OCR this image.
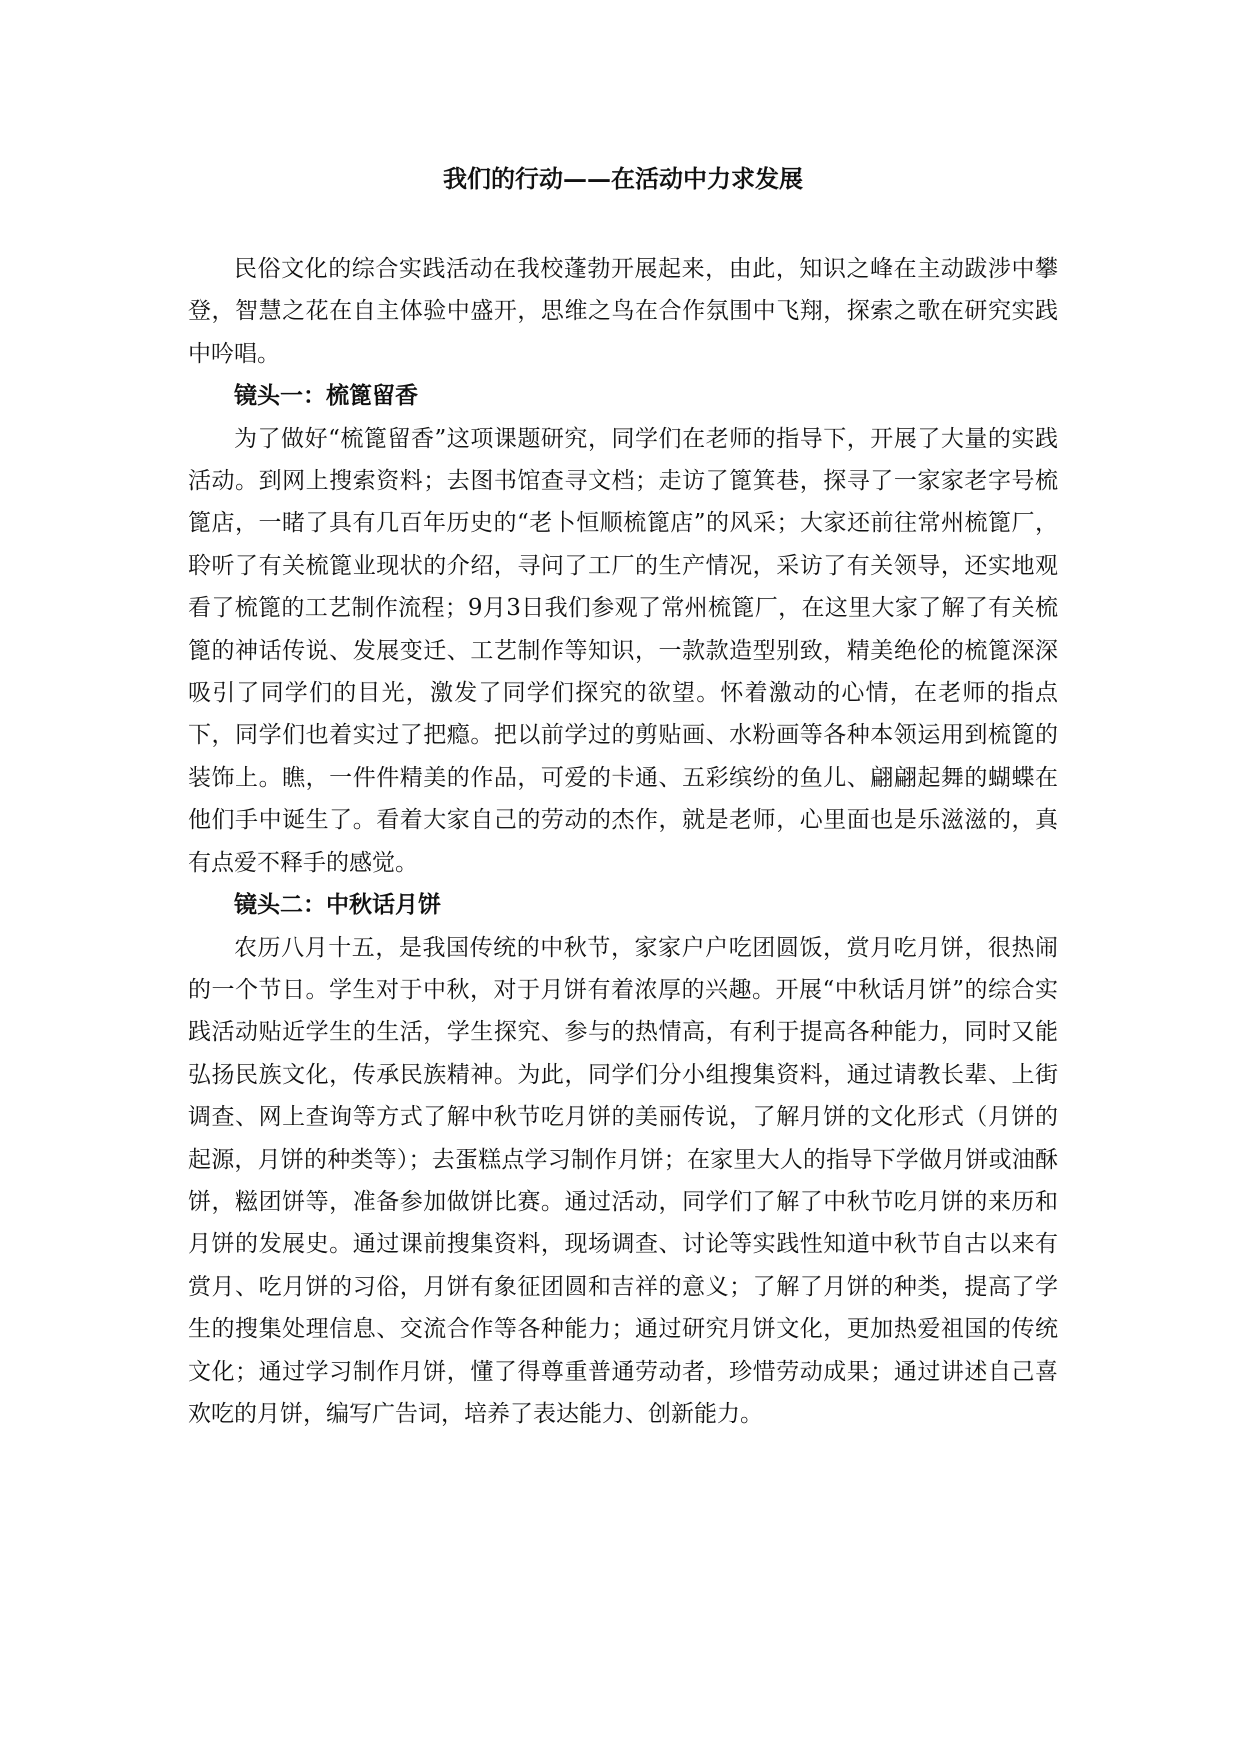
我们的行动——在活动中力求发展

民俗文化的综合实践活动在我校蓬勃开展起来，由此，知识之峰在主动跋涉中攀登，智慧之花在自主体验中盛开，思维之鸟在合作氛围中飞翔，探索之歌在研究实践中吟唱。

镜头一：梳篦留香

为了做好“梳篦留香”这项课题研究，同学们在老师的指导下，开展了大量的实践活动。到网上搜索资料；去图书馆查寻文档；走访了篦箕巷，探寻了一家家老字号梳篦店，一睹了具有几百年历史的“老卜恒顺梳篦店”的风采；大家还前往常州梳篦厂，聆听了有关梳篦业现状的介绍，寻问了工厂的生产情况，采访了有关领导，还实地观看了梳篦的工艺制作流程；9月3日我们参观了常州梳篦厂，在这里大家了解了有关梳篦的神话传说、发展变迁、工艺制作等知识，一款款造型别致，精美绝伦的梳篦深深吸引了同学们的目光，激发了同学们探究的欲望。怀着激动的心情，在老师的指点下，同学们也着实过了把瘾。把以前学过的剪贴画、水粉画等各种本领运用到梳篦的装饰上。瞧，一件件精美的作品，可爱的卡通、五彩缤纷的鱼儿、翩翩起舞的蝴蝶在他们手中诞生了。看着大家自己的劳动的杰作，就是老师，心里面也是乐滋滋的，真有点爱不释手的感觉。

镜头二：中秋话月饼

农历八月十五，是我国传统的中秋节，家家户户吃团圆饭，赏月吃月饼，很热闹的一个节日。学生对于中秋，对于月饼有着浓厚的兴趣。开展“中秋话月饼”的综合实践活动贴近学生的生活，学生探究、参与的热情高，有利于提高各种能力，同时又能弘扬民族文化，传承民族精神。为此，同学们分小组搜集资料，通过请教长辈、上街调查、网上查询等方式了解中秋节吃月饼的美丽传说，了解月饼的文化形式（月饼的起源，月饼的种类等）；去蛋糕点学习制作月饼；在家里大人的指导下学做月饼或油酥饼，糍团饼等，准备参加做饼比赛。通过活动，同学们了解了中秋节吃月饼的来历和月饼的发展史。通过课前搜集资料，现场调查、讨论等实践性知道中秋节自古以来有赏月、吃月饼的习俗，月饼有象征团圆和吉祥的意义；了解了月饼的种类，提高了学生的搜集处理信息、交流合作等各种能力；通过研究月饼文化，更加热爱祖国的传统文化；通过学习制作月饼，懂了得尊重普通劳动者，珍惜劳动成果；通过讲述自己喜欢吃的月饼，编写广告词，培养了表达能力、创新能力。
